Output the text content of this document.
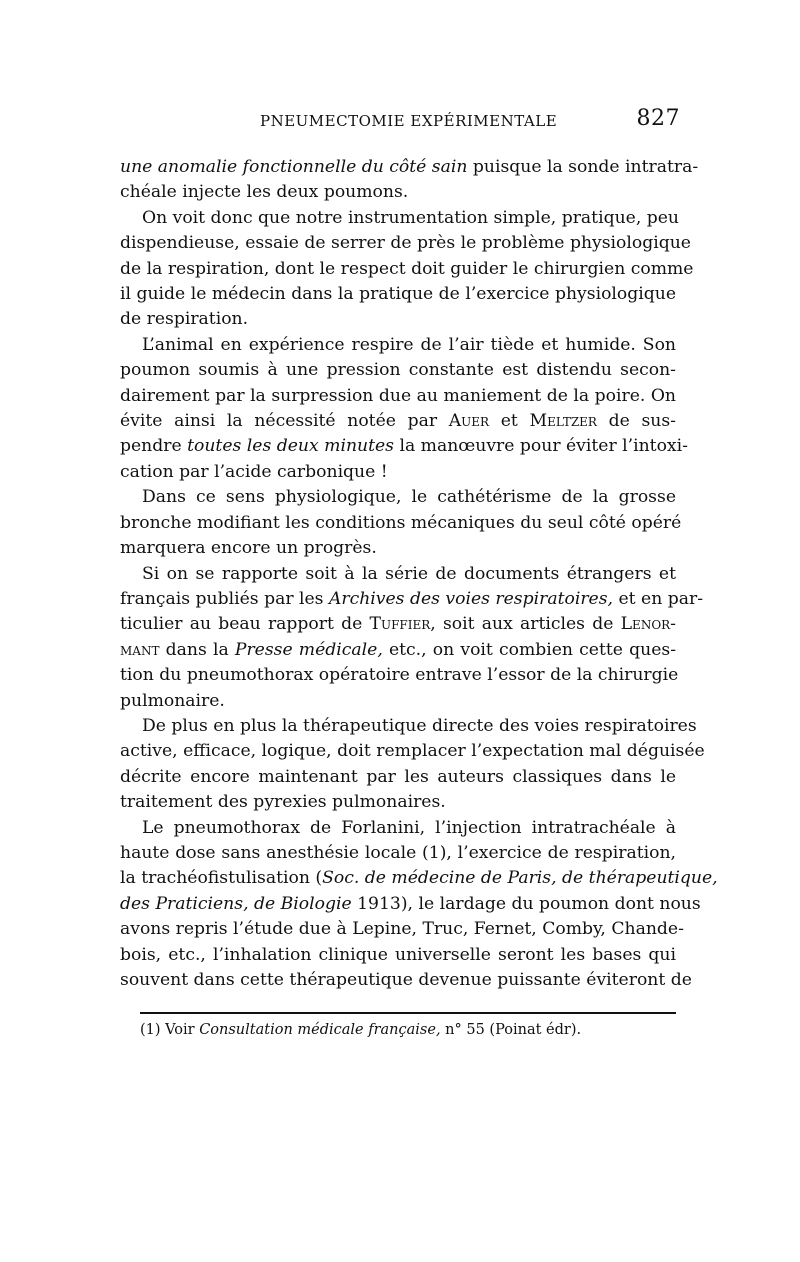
PNEUMECTOMIE EXPÉRIMENTALE	827
une anomalie fonctionnelle du côté sain puisque la sonde intratra-
chéale injecte les deux poumons.
On voit donc que notre instrumentation simple, pratique, peu
dispendieuse, essaie de serrer de près le problème physiologique
de la respiration, dont le respect doit guider le chirurgien comme
il guide le médecin dans la pratique de l’exercice physiologique
de respiration.
L’animal en expérience respire de l’air tiède et humide. Son
poumon soumis à une pression constante est distendu secon-
dairement par la surpression due au maniement de la poire. On
évite ainsi la nécessité notée par Auer et Meltzer de sus-
pendre toutes les deux minutes la manœuvre pour éviter l’intoxi-
cation par l’acide carbonique !
Dans ce sens physiologique, le cathétérisme de la grosse
bronche modifiant les conditions mécaniques du seul côté opéré
marquera encore un progrès.
Si on se rapporte soit à la série de documents étrangers et
français publiés par les Archives des voies respiratoires, et en par-
ticulier au beau rapport de Tuffier, soit aux articles de Lenor-
mant dans la Presse médicale, etc., on voit combien cette ques-
tion du pneumothorax opératoire entrave l’essor de la chirurgie
pulmonaire.
De plus en plus la thérapeutique directe des voies respiratoires
active, efficace, logique, doit remplacer l’expectation mal déguisée
décrite encore maintenant par les auteurs classiques dans le
traitement des pyrexies pulmonaires.
Le pneumothorax de Forlanini, l’injection intratrachéale à
haute dose sans anesthésie locale (1), l’exercice de respiration,
la trachéofistulisation (Soc. de médecine de Paris, de thérapeutique,
des Praticiens, de Biologie 1913), le lardage du poumon dont nous
avons repris l’étude due à Lepine, Truc, Fernet, Comby, Chande-
bois, etc., l’inhalation clinique universelle seront les bases qui
souvent dans cette thérapeutique devenue puissante éviteront de
(1) Voir Consultation médicale française, n° 55 (Poinat édr).
